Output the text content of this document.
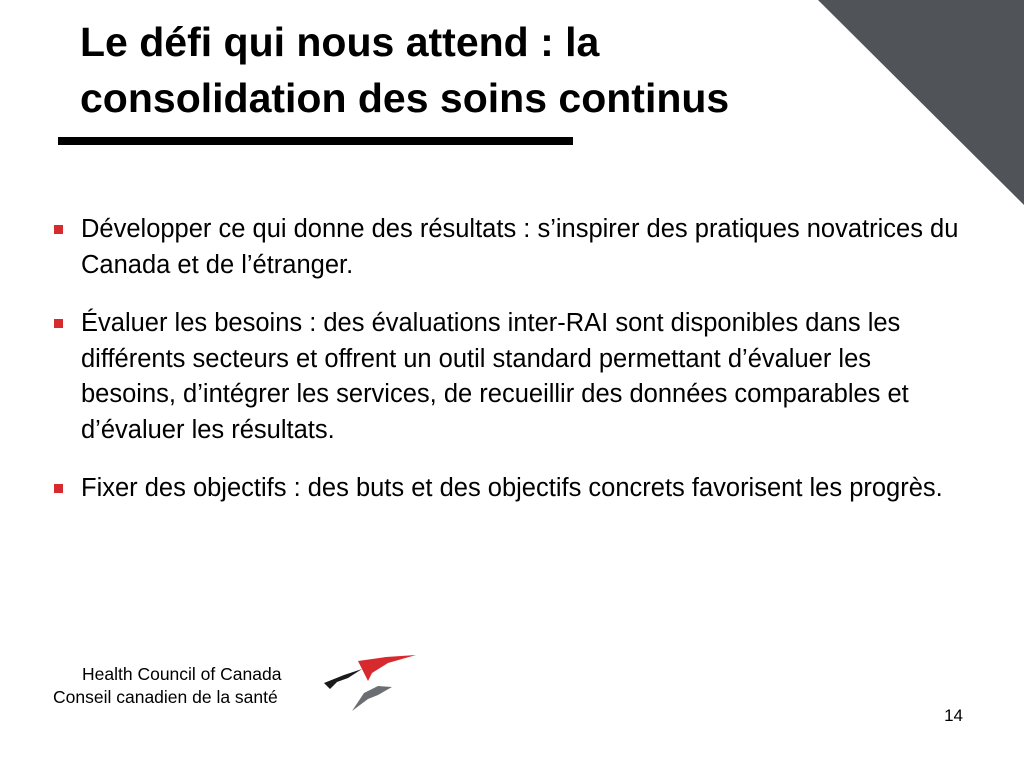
Le défi qui nous attend : la consolidation des soins continus
Développer ce qui donne des résultats : s’inspirer des pratiques novatrices du Canada et de l’étranger.
Évaluer les besoins : des évaluations inter-RAI sont disponibles dans les différents secteurs et offrent un outil standard permettant d’évaluer les besoins, d’intégrer les services, de recueillir des données comparables et d’évaluer les résultats.
Fixer des objectifs : des buts et des objectifs concrets favorisent les progrès.
Health Council of Canada
Conseil canadien de la santé
14
